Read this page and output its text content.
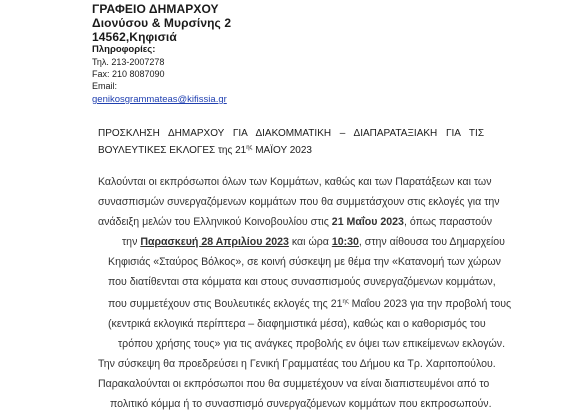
ΓΡΑΦΕΙΟ ΔΗΜΑΡΧΟΥ
Διονύσου & Μυρσίνης 2
14562,Κηφισιά
Πληροφορίες:
Τηλ. 213-2007278
Fax: 210 8087090
Email:
genikosgrammateas@kifissia.gr
ΠΡΟΣΚΛΗΣΗ ΔΗΜΑΡΧΟΥ ΓΙΑ ΔΙΑΚΟΜΜΑΤΙΚΗ – ΔΙΑΠΑΡΑΤΑΞΙΑΚΗ ΓΙΑ ΤΙΣ
ΒΟΥΛΕΥΤΙΚΕΣ ΕΚΛΟΓΕΣ της $21^{\eta\varsigma}$ ΜΑΪΟΥ 2023
Καλούνται οι εκπρόσωποι όλων των Κομμάτων, καθώς και των Παρατάξεων και των
συνασπισμών συνεργαζόμενων κομμάτων που θα συμμετάσχουν στις εκλογές για την
ανάδειξη μελών του Ελληνικού Κοινοβουλίου στις 21 Μαΐου 2023, όπως παραστούν
την Παρασκευή 28 Απριλίου 2023 και ώρα 10:30, στην αίθουσα του Δημαρχείου
Κηφισιάς «Σταύρος Βόλκος», σε κοινή σύσκεψη με θέμα την «Κατανομή των χώρων
που διατίθενται στα κόμματα και στους συνασπισμούς συνεργαζόμενων κομμάτων,
που συμμετέχουν στις Βουλευτικές εκλογές της $21^{\eta\varsigma}$ Μαΐου 2023 για την προβολή τους
(κεντρικά εκλογικά περίπτερα – διαφημιστικά μέσα), καθώς και ο καθορισμός του
τρόπου χρήσης τους» για τις ανάγκες προβολής εν όψει των επικείμενων εκλογών.
Την σύσκεψη θα προεδρεύσει η Γενική Γραμματέας του Δήμου κα Τρ. Χαριτοπούλου.
Παρακαλούνται οι εκπρόσωποι που θα συμμετέχουν να είναι διαπιστευμένοι από το
πολιτικό κόμμα ή το συνασπισμό συνεργαζόμενων κομμάτων που εκπροσωπούν.
